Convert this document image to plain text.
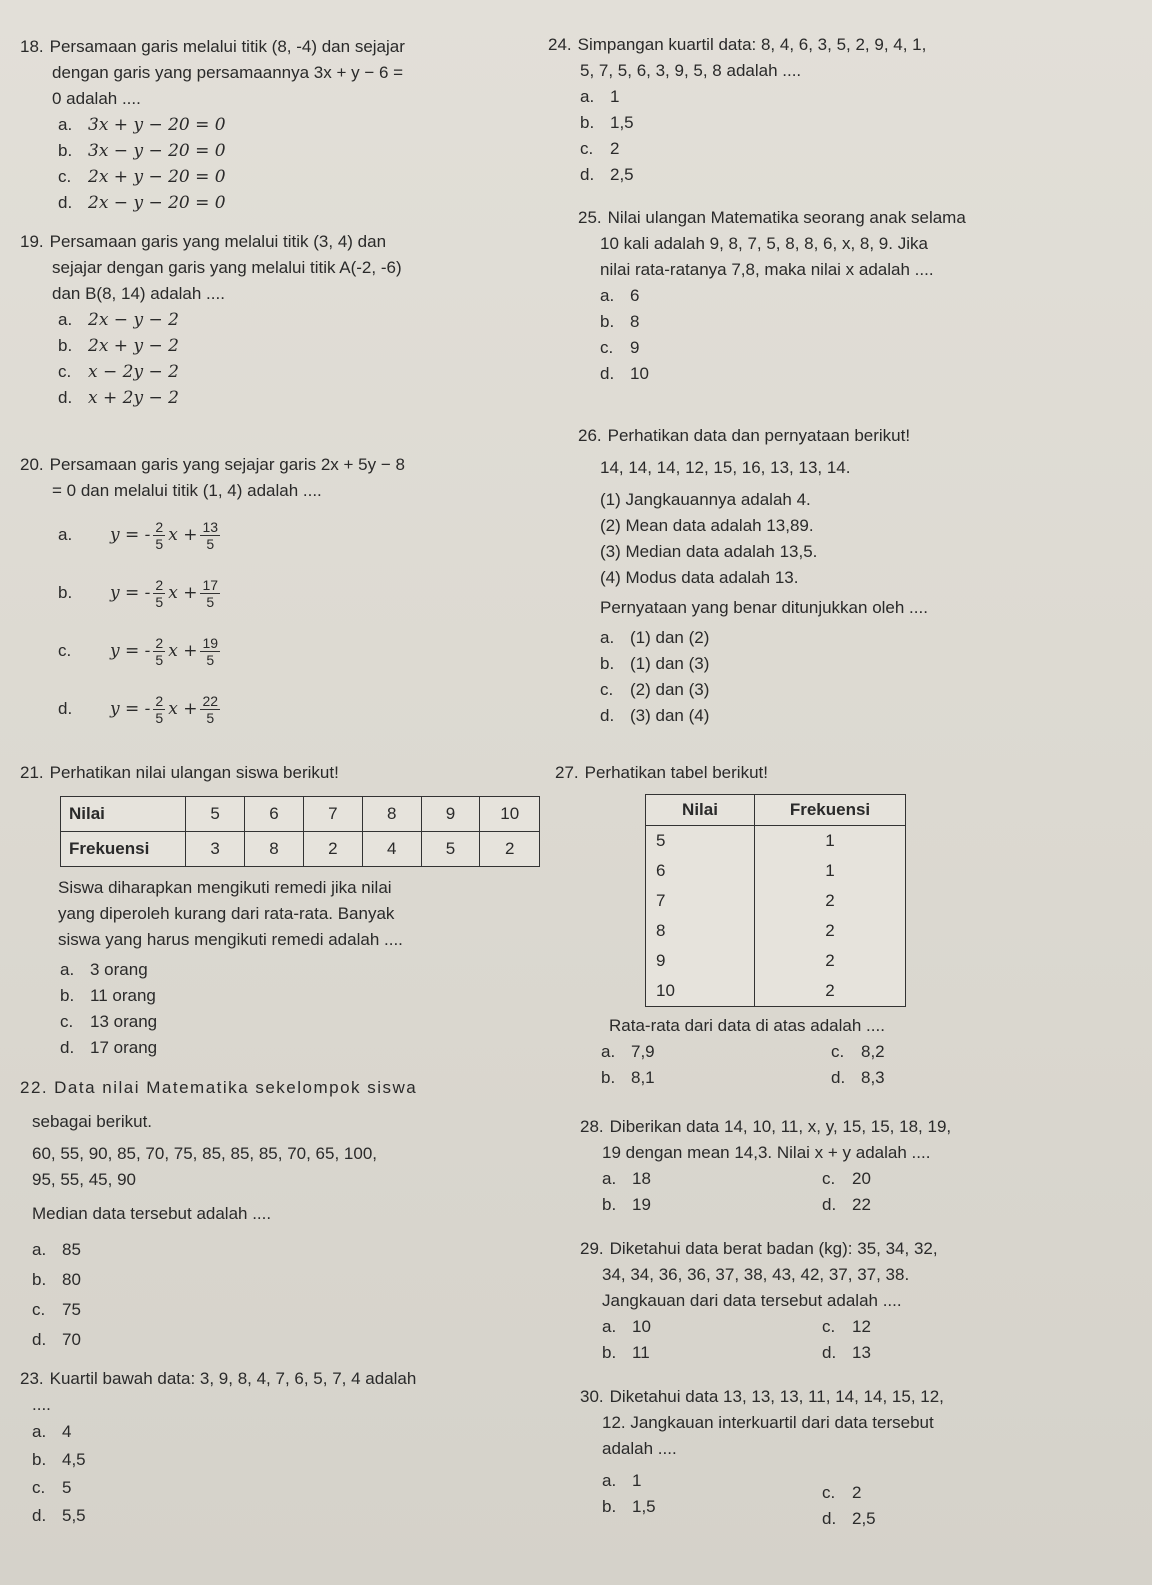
18. Persamaan garis melalui titik (8, -4) dan sejajar

dengan garis yang persamaannya 3x + y − 6 =

0 adalah ....

a. 3x + y − 20 = 0
b. 3x − y − 20 = 0
c. 2x + y − 20 = 0
d. 2x − y − 20 = 0

19. Persamaan garis yang melalui titik (3, 4) dan

sejajar dengan garis yang melalui titik A(-2, -6)

dan B(8, 14) adalah ....

a. 2x − y − 2
b. 2x + y − 2
c. x − 2y − 2
d. x + 2y − 2

20. Persamaan garis yang sejajar garis 2x + 5y − 8

= 0 dan melalui titik (1, 4) adalah ....

a.	y = - $\frac{2}{5}$ $x + \frac{13}{5}$
b.	y = - $\frac{2}{5}$ $x + \frac{17}{5}$
c.	y = - $\frac{2}{5}$ $x + \frac{19}{5}$
d.	y = - $\frac{2}{5}$ $x + \frac{22}{5}$

21. Perhatikan nilai ulangan siswa berikut!

Nilai	5	6	7	8	9	10
Frekuensi	3	8	2	4	5	2

Siswa diharapkan mengikuti remedi jika nilai

yang diperoleh kurang dari rata-rata. Banyak

siswa yang harus mengikuti remedi adalah ....

a. 3 orang
b. 11 orang
c. 13 orang
d. 17 orang

22. Data nilai Matematika sekelompok siswa

sebagai berikut.

60, 55, 90, 85, 70, 75, 85, 85, 85, 70, 65, 100,

95, 55, 45, 90

Median data tersebut adalah ....

a. 85
b. 80
c. 75
d. 70

23. Kuartil bawah data: 3, 9, 8, 4, 7, 6, 5, 7, 4 adalah

....

a. 4
b. 4,5
c. 5
d. 5,5

24. Simpangan kuartil data: 8, 4, 6, 3, 5, 2, 9, 4, 1,

5, 7, 5, 6, 3, 9, 5, 8 adalah ....

a. 1
b. 1,5
c. 2
d. 2,5

25. Nilai ulangan Matematika seorang anak selama

10 kali adalah 9, 8, 7, 5, 8, 8, 6, x, 8, 9. Jika

nilai rata-ratanya 7,8, maka nilai x adalah ....

a. 6
b. 8
c. 9
d. 10

26. Perhatikan data dan pernyataan berikut!

14, 14, 14, 12, 15, 16, 13, 13, 14.

(1) Jangkauannya adalah 4.

(2) Mean data adalah 13,89.

(3) Median data adalah 13,5.

(4) Modus data adalah 13.

Pernyataan yang benar ditunjukkan oleh ....

a. (1) dan (2)
b. (1) dan (3)
c. (2) dan (3)
d. (3) dan (4)

27. Perhatikan tabel berikut!

Nilai	Frekuensi
5	1
6	1
7	2
8	2
9	2
10	2

Rata-rata dari data di atas adalah ....

a. 7,9
b. 8,1
c. 8,2
d. 8,3

28. Diberikan data 14, 10, 11, x, y, 15, 15, 18, 19,

19 dengan mean 14,3. Nilai x + y adalah ....

a. 18
b. 19
c. 20
d. 22

29. Diketahui data berat badan (kg): 35, 34, 32,

34, 34, 36, 36, 37, 38, 43, 42, 37, 37, 38.

Jangkauan dari data tersebut adalah ....

a. 10
b. 11
c. 12
d. 13

30. Diketahui data 13, 13, 13, 11, 14, 14, 15, 12,

12. Jangkauan interkuartil dari data tersebut

adalah ....

a. 1
b. 1,5
c. 2
d. 2,5
